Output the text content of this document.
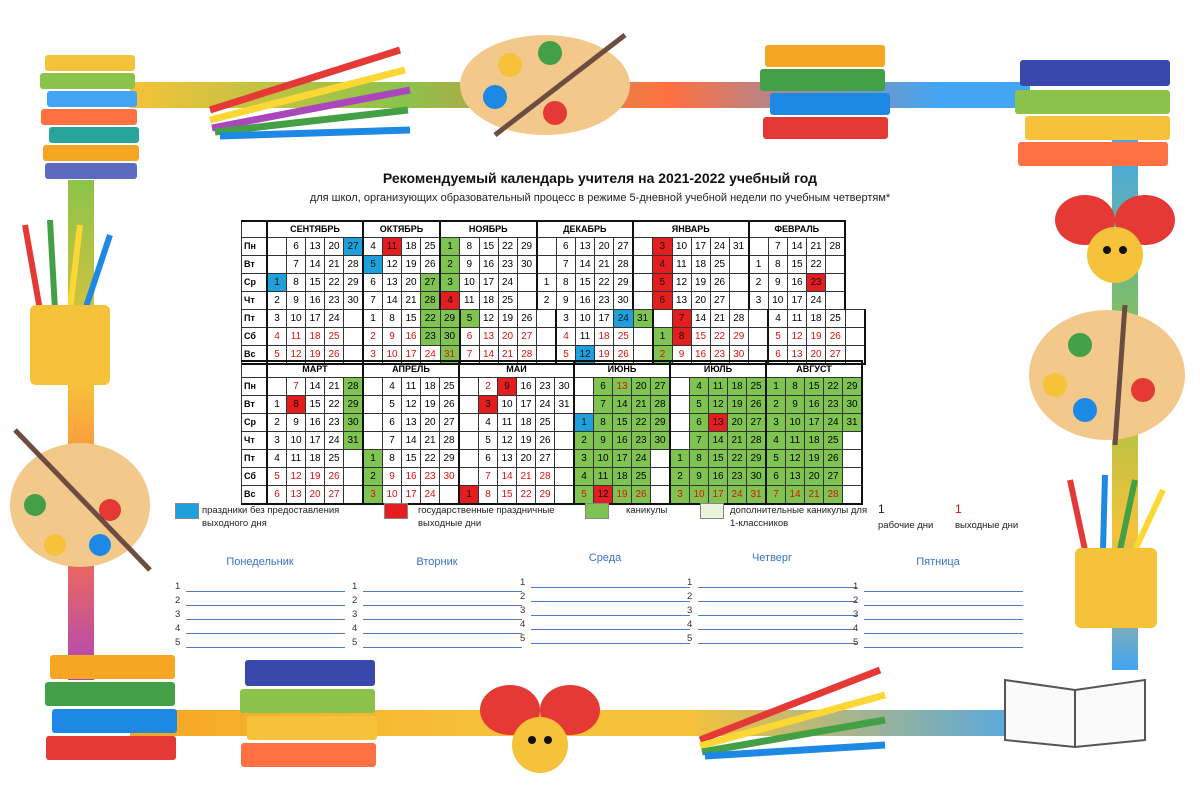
Рекомендуемый календарь учителя на 2021-2022 учебный год
для школ, организующих образовательный процесс в режиме 5-дневной учебной недели по учебным четвертям*
	СЕНТЯБРЬ					ОКТЯБРЬ				НОЯБРЬ					ДЕКАБРЬ					ЯНВАРЬ						ФЕВРАЛЬ					
Пн		6	13	20	27	4	11	18	25	1	8	15	22	29		6	13	20	27		3	10	17	24	31		7	14	21	28	
Вт		7	14	21	28	5	12	19	26	2	9	16	23	30		7	14	21	28		4	11	18	25		1	8	15	22		
Ср	1	8	15	22	29	6	13	20	27	3	10	17	24		1	8	15	22	29		5	12	19	26		2	9	16	23		
Чт	2	9	16	23	30	7	14	21	28	4	11	18	25		2	9	16	23	30		6	13	20	27		3	10	17	24		
Пт	3	10	17	24		1	8	15	22	29	5	12	19	26		3	10	17	24	31		7	14	21	28		4	11	18	25	
Сб	4	11	18	25		2	9	16	23	30	6	13	20	27		4	11	18	25		1	8	15	22	29		5	12	19	26	
Вс	5	12	19	26		3	10	17	24	31	7	14	21	28		5	12	19	26		2	9	16	23	30		6	13	20	27	
	МАРТ					АПРЕЛЬ					МАЙ						ИЮНЬ					ИЮЛЬ					АВГУСТ				
Пн		7	14	21	28		4	11	18	25		2	9	16	23	30		6	13	20	27		4	11	18	25	1	8	15	22	29
Вт	1	8	15	22	29		5	12	19	26		3	10	17	24	31		7	14	21	28		5	12	19	26	2	9	16	23	30
Ср	2	9	16	23	30		6	13	20	27		4	11	18	25		1	8	15	22	29		6	13	20	27	3	10	17	24	31
Чт	3	10	17	24	31		7	14	21	28		5	12	19	26		2	9	16	23	30		7	14	21	28	4	11	18	25	
Пт	4	11	18	25		1	8	15	22	29		6	13	20	27		3	10	17	24		1	8	15	22	29	5	12	19	26	
Сб	5	12	19	26		2	9	16	23	30		7	14	21	28		4	11	18	25		2	9	16	23	30	6	13	20	27	
Вс	6	13	20	27		3	10	17	24		1	8	15	22	29		5	12	19	26		3	10	17	24	31	7	14	21	28	
праздники без предоставления выходного дня
государственные праздничные выходные дни
каникулы	дополнительные каникулы для 1-классников
1
рабочие дни
1
выходные дни
Понедельник
1
2
3
4
5
Вторник
1
2
3
4
5
Среда
1
2
3
4
5
Четверг
1
2
3
4
5
Пятница
1
2
3
4
5
